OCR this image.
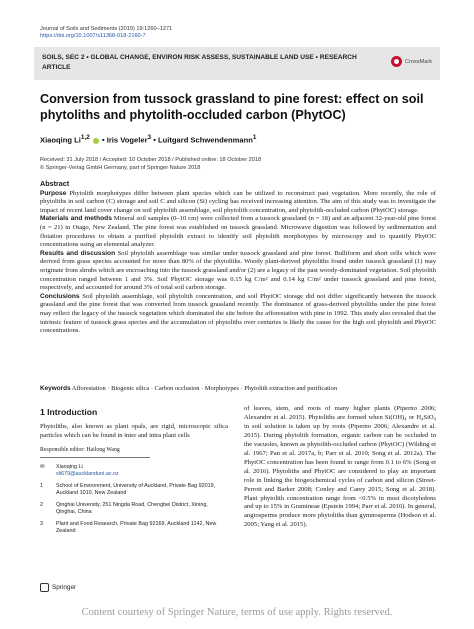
Journal of Soils and Sediments (2019) 19:1260–1271
https://doi.org/10.1007/s11368-018-2160-7
SOILS, SEC 2 • GLOBAL CHANGE, ENVIRON RISK ASSESS, SUSTAINABLE LAND USE • RESEARCH ARTICLE
CrossMark
Conversion from tussock grassland to pine forest: effect on soil phytoliths and phytolith-occluded carbon (PhytOC)
Xiaoqing Li$^{1,2}$  • Iris Vogeler$^3$ • Luitgard Schwendenmann$^1$
Received: 31 July 2018 / Accepted: 10 October 2018 / Published online: 18 October 2018
© Springer-Verlag GmbH Germany, part of Springer Nature 2018
Abstract

Purpose Phytolith morphotypes differ between plant species which can be utilized to reconstruct past vegetation. More recently, the role of phytoliths in soil carbon (C) storage and soil C and silicon (Si) cycling has received increasing attention. The aim of this study was to investigate the impact of recent land cover change on soil phytolith assemblage, soil phytolith concentration, and phytolith-occluded carbon (PhytOC) storage.

Materials and methods Mineral soil samples (0–10 cm) were collected from a tussock grassland (n = 18) and an adjacent 32-year-old pine forest (n = 21) in Otago, New Zealand. The pine forest was established on tussock grassland. Microwave digestion was followed by sedimentation and flotation procedures to obtain a purified phytolith extract to identify soil phytolith morphotypes by microscopy and to quantify PhytOC concentrations using an elemental analyzer.

Results and discussion Soil phytolith assemblage was similar under tussock grassland and pine forest. Bulliform and short cells which were derived from grass species accounted for more than 80% of the phytoliths. Woody plant-derived phytoliths found under tussock grassland (1) may originate from shrubs which are encroaching into the tussock grassland and/or (2) are a legacy of the past woody-dominated vegetation. Soil phytolith concentration ranged between 1 and 3%. Soil PhytOC storage was 0.15 kg C/m² and 0.14 kg C/m² under tussock grassland and pine forest, respectively, and accounted for around 3% of total soil carbon storage.

Conclusions Soil phytolith assemblage, soil phytolith concentration, and soil PhytOC storage did not differ significantly between the tussock grassland and the pine forest that was converted from tussock grassland recently. The dominance of grass-derived phytoliths under the pine forest may reflect the legacy of the tussock vegetation which dominated the site before the afforestation with pine in 1992. This study also revealed that the intrinsic feature of tussock grass species and the accumulation of phytoliths over centuries is likely the cause for the high soil phytolith and PhytOC concentrations.

Keywords Afforestation · Biogenic silica · Carbon occlusion · Morphotypes · Phytolith extraction and purification
1 Introduction

Phytoliths, also known as plant opals, are rigid, microscopic silica particles which can be found in inter and intra plant cells

Responsible editor: Hailong Wang
✉	Xiaoqing Li
xli679@aucklanduni.ac.nz
1	School of Environment, University of Auckland, Private Bag 92019, Auckland 1010, New Zealand
2	Qinghai University, 251 Ningda Road, Chengbei District, Xining, Qinghai, China
3	Plant and Food Research, Private Bag 92169, Auckland 1142, New Zealand
of leaves, stem, and roots of many higher plants (Piperno 2006; Alexandre et al. 2015). Phytoliths are formed when Si(OH)₄ or H₄SiO₄ in soil solution is taken up by roots (Piperno 2006; Alexandre et al. 2015). During phytolith formation, organic carbon can be occluded in the vacuoles, known as phytolith-occluded carbon (PhytOC) (Wilding et al. 1967; Pan et al. 2017a, b; Parr et al. 2010; Song et al. 2012a). The PhytOC concentration has been found to range from 0.1 to 6% (Song et al. 2016). Phytoliths and PhytOC are considered to play an important role in linking the biogeochemical cycles of carbon and silicon (Street-Perrott and Barker 2008; Conley and Carey 2015; Song et al. 2018). Plant phytolith concentration range from <0.5% in most dicotyledons and up to 15% in Gramineae (Epstein 1994; Parr et al. 2010). In general, angiosperms produce more phytoliths than gymnosperms (Hodson et al. 2005; Yang et al. 2015).
Springer
Content courtesy of Springer Nature, terms of use apply. Rights reserved.
